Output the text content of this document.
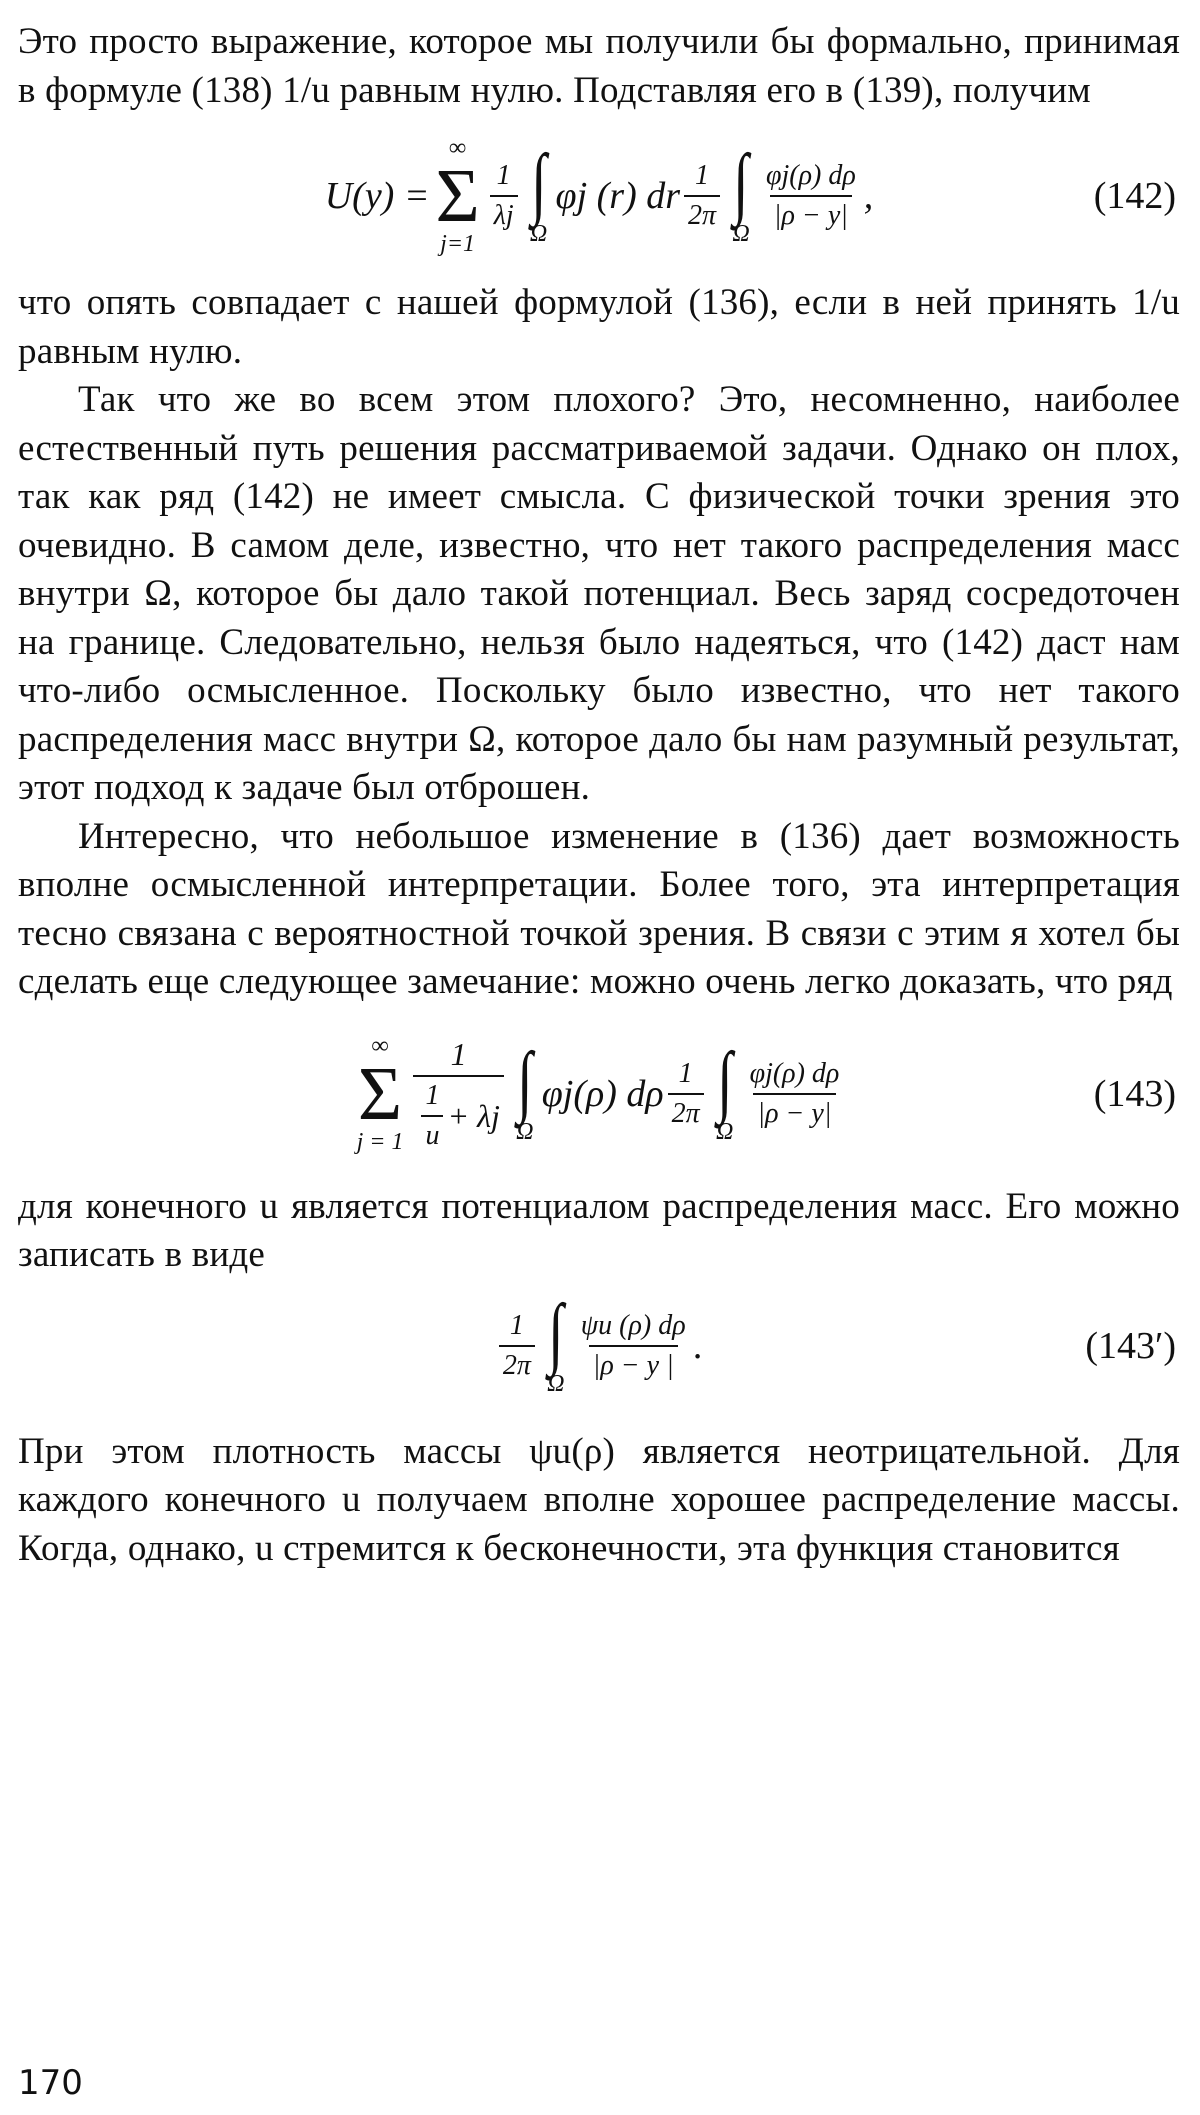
Это просто выражение, которое мы получили бы формально, принимая в формуле (138) 1/u равным нулю. Подставляя его в (139), получим

U(y) =
∞
Σ
j=1
$\frac{1}{\lambda j}$ ∫
Ω
φj (r) dr $\frac{1}{2\pi}$ ∫
Ω
$\frac{\varphi j(\rho) d\rho}{|\rho - y|}$ ,	(142)

что опять совпадает с нашей формулой (136), если в ней принять 1/u равным нулю.

Так что же во всем этом плохого? Это, несомненно, наиболее естественный путь решения рассматриваемой задачи. Однако он плох, так как ряд (142) не имеет смысла. С физической точки зрения это очевидно. В самом деле, известно, что нет такого распределения масс внутри Ω, которое бы дало такой потенциал. Весь заряд сосредоточен на границе. Следовательно, нельзя было надеяться, что (142) даст нам что-либо осмысленное. Поскольку было известно, что нет такого распределения масс внутри Ω, которое дало бы нам разумный результат, этот подход к задаче был отброшен.

Интересно, что небольшое изменение в (136) дает возможность вполне осмысленной интерпретации. Более того, эта интерпретация тесно связана с вероятностной точкой зрения. В связи с этим я хотел бы сделать еще следующее замечание: можно очень легко доказать, что ряд

∞
Σ
$j = 1 \frac{1}{\frac{1}{u} + \lambda j}$ ∫
Ω
φj(ρ) dρ $\frac{1}{2\pi}$ ∫
Ω
$\frac{\varphi j(\rho) d\rho}{|\rho - y|}$	(143)

для конечного u является потенциалом распределения масс. Его можно записать в виде

$\frac{1}{2\pi}$ ∫
Ω
$\frac{\psi u (\rho) d\rho}{|\rho - y |}$ .	(143′)

При этом плотность массы ψu(ρ) является неотрицательной. Для каждого конечного u получаем вполне хорошее распределение массы. Когда, однако, u стремится к бесконечности, эта функция становится

170
